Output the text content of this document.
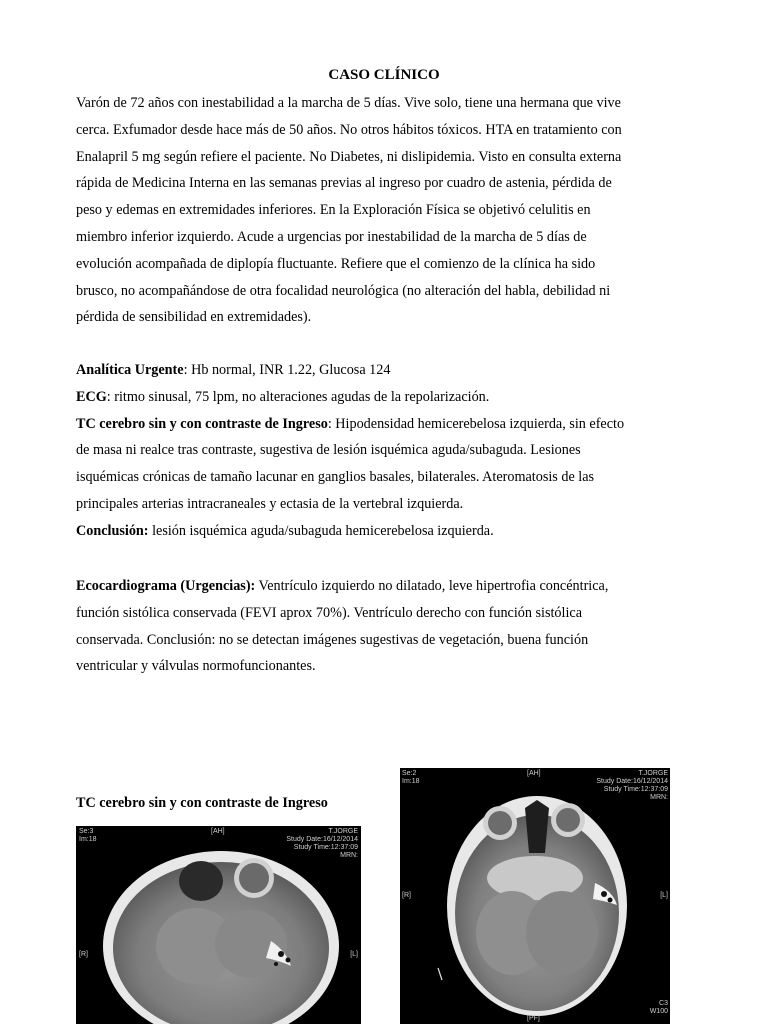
CASO CLÍNICO

Varón de 72 años con inestabilidad a la marcha de 5 días. Vive solo, tiene una hermana que vive
cerca. Exfumador desde hace más de 50 años. No otros hábitos tóxicos. HTA en tratamiento con
Enalapril 5 mg según refiere el paciente. No Diabetes, ni dislipidemia. Visto en consulta externa
rápida de Medicina Interna en las semanas previas al ingreso por cuadro de astenia, pérdida de
peso y edemas en extremidades inferiores. En la Exploración Física se objetivó celulitis en
miembro inferior izquierdo. Acude a urgencias por inestabilidad de la marcha de 5 días de
evolución acompañada de diplopía fluctuante. Refiere que el comienzo de la clínica ha sido
brusco, no acompañándose de otra focalidad neurológica (no alteración del habla, debilidad ni
pérdida de sensibilidad en extremidades).

Analítica Urgente: Hb normal, INR 1.22, Glucosa 124
ECG: ritmo sinusal, 75 lpm, no alteraciones agudas de la repolarización.
TC cerebro sin y con contraste de Ingreso: Hipodensidad hemicerebelosa izquierda, sin efecto
de masa ni realce tras contraste, sugestiva de lesión isquémica aguda/subaguda. Lesiones
isquémicas crónicas de tamaño lacunar en ganglios basales, bilaterales. Ateromatosis de las
principales arterias intracraneales y ectasia de la vertebral izquierda.
Conclusión: lesión isquémica aguda/subaguda hemicerebelosa izquierda.

Ecocardiograma (Urgencias): Ventrículo izquierdo no dilatado, leve hipertrofia concéntrica,
función sistólica conservada (FEVI aprox 70%). Ventrículo derecho con función sistólica
conservada. Conclusión: no se detectan imágenes sugestivas de vegetación, buena función
ventricular y válvulas normofuncionantes.

TC cerebro sin y con contraste de Ingreso
Se:3
Im:18
[AH]	T.JORGE
Study Date:16/12/2014
Study Time:12:37:09
MRN:
[R]	[L]
Se:2
Im:18
[AH]	T.JORGE
Study Date:16/12/2014
Study Time:12:37:09
MRN:
[R]	[L]
C3
W100
[PF]
